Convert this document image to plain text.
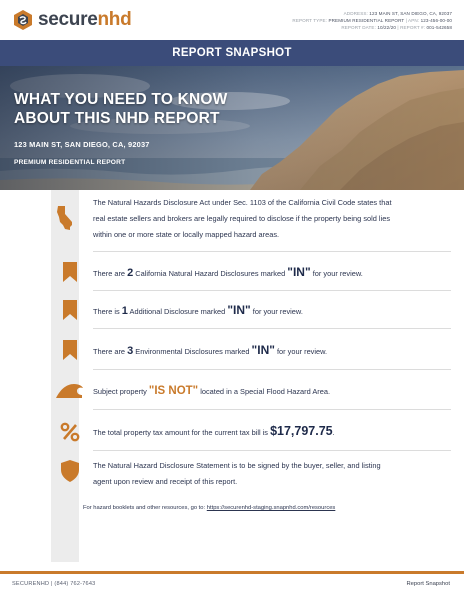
securenhd	ADDRESS: 123 MAIN ST, SAN DIEGO, CA, 92037
REPORT TYPE: PREMIUM RESIDENTIAL REPORT | APN: 123-456-00-00
REPORT DATE: 10/22/20 | REPORT #: 001-542658
REPORT SNAPSHOT
WHAT YOU NEED TO KNOW
ABOUT THIS NHD REPORT
123 MAIN ST, SAN DIEGO, CA, 92037
PREMIUM RESIDENTIAL REPORT
The Natural Hazards Disclosure Act under Sec. 1103 of the California Civil Code states that
real estate sellers and brokers are legally required to disclose if the property being sold lies
within one or more state or locally mapped hazard areas.
There are 2 California Natural Hazard Disclosures marked "IN" for your review.
There is 1 Additional Disclosure marked "IN" for your review.
There are 3 Environmental Disclosures marked "IN" for your review.
Subject property "IS NOT" located in a Special Flood Hazard Area.
The total property tax amount for the current tax bill is $17,797.75.
The Natural Hazard Disclosure Statement is to be signed by the buyer, seller, and listing
agent upon review and receipt of this report.
For hazard booklets and other resources, go to: https://securenhd-staging.snapnhd.com/resources
SECURENHD | (844) 762-7643	Report Snapshot
